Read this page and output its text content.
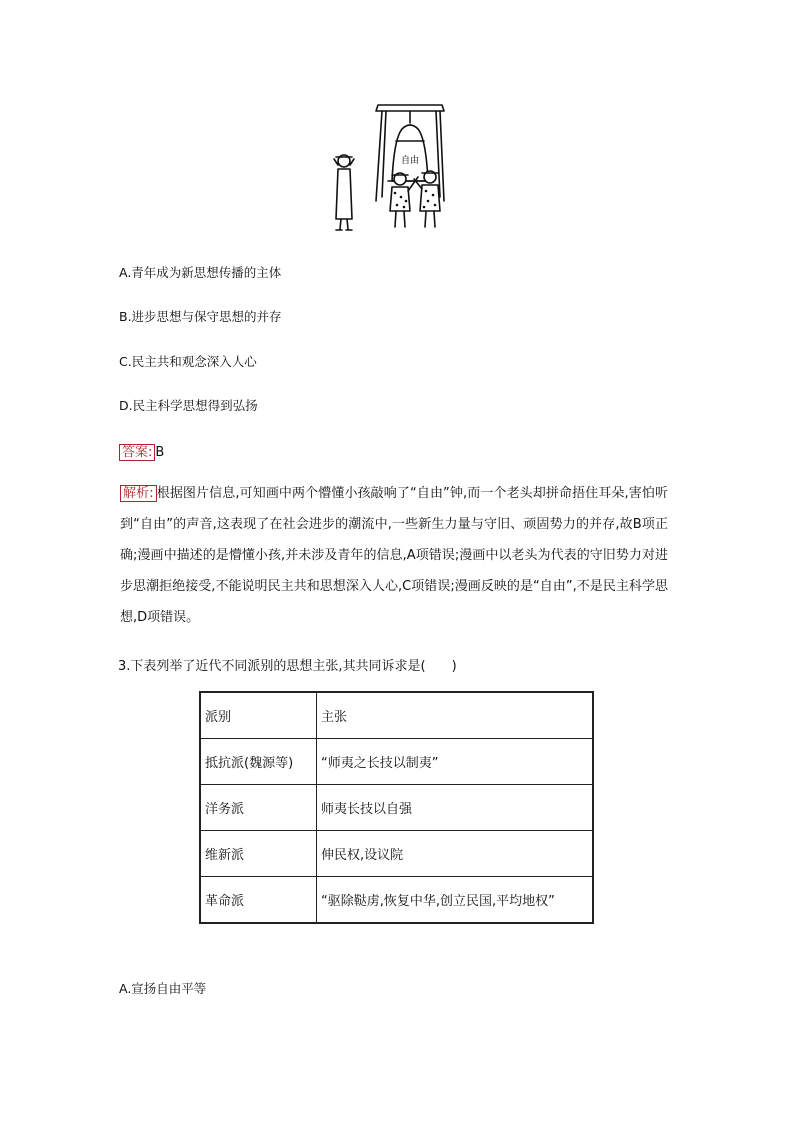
自由
A.青年成为新思想传播的主体
B.进步思想与保守思想的并存
C.民主共和观念深入人心
D.民主科学思想得到弘扬
答案: B
解析: 根据图片信息,可知画中两个懵懂小孩敲响了“自由”钟,而一个老头却拼命捂住耳朵,害怕听到“自由”的声音,这表现了在社会进步的潮流中,一些新生力量与守旧、顽固势力的并存,故B项正确;漫画中描述的是懵懂小孩,并未涉及青年的信息,A项错误;漫画中以老头为代表的守旧势力对进步思潮拒绝接受,不能说明民主共和思想深入人心,C项错误;漫画反映的是“自由”,不是民主科学思想,D项错误。
3.下表列举了近代不同派别的思想主张,其共同诉求是(　　)
派别	主张
抵抗派(魏源等)	“师夷之长技以制夷”
洋务派	师夷长技以自强
维新派	伸民权,设议院
革命派	“驱除鞑虏,恢复中华,创立民国,平均地权”
A.宣扬自由平等
